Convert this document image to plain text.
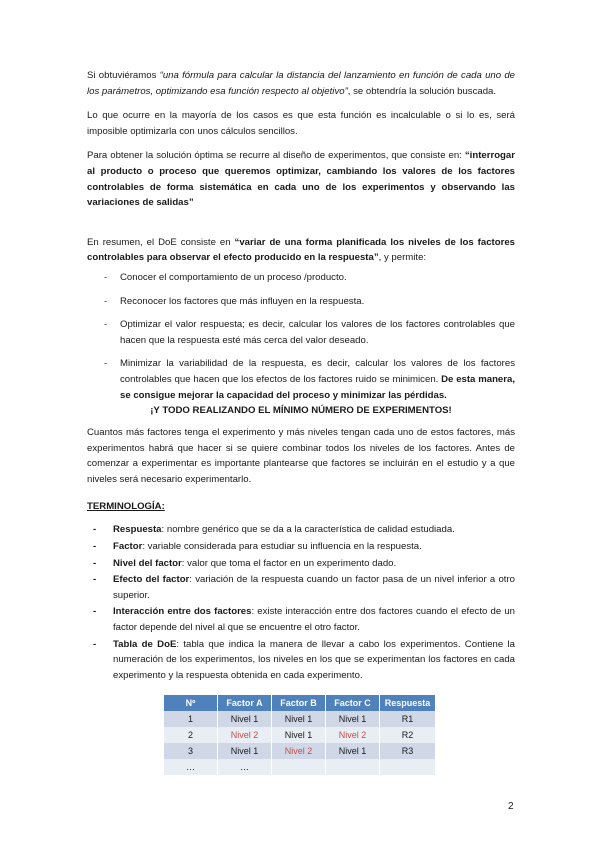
Si obtuviéramos “una fórmula para calcular la distancia del lanzamiento en función de cada uno de los parámetros, optimizando esa función respecto al objetivo”, se obtendría la solución buscada.

Lo que ocurre en la mayoría de los casos es que esta función es incalculable o si lo es, será imposible optimizarla con unos cálculos sencillos.

Para obtener la solución óptima se recurre al diseño de experimentos, que consiste en: “interrogar al producto o proceso que queremos optimizar, cambiando los valores de los factores controlables de forma sistemática en cada uno de los experimentos y observando las variaciones de salidas”

En resumen, el DoE consiste en “variar de una forma planificada los niveles de los factores controlables para observar el efecto producido en la respuesta”, y permite:

- Conocer el comportamiento de un proceso /producto.
- Reconocer los factores que más influyen en la respuesta.
- Optimizar el valor respuesta; es decir, calcular los valores de los factores controlables que hacen que la respuesta esté más cerca del valor deseado.
- Minimizar la variabilidad de la respuesta, es decir, calcular los valores de los factores controlables que hacen que los efectos de los factores ruido se minimicen. De esta manera, se consigue mejorar la capacidad del proceso y minimizar las pérdidas.
¡Y TODO REALIZANDO EL MÍNIMO NÚMERO DE EXPERIMENTOS!

Cuantos más factores tenga el experimento y más niveles tengan cada uno de estos factores, más experimentos habrá que hacer si se quiere combinar todos los niveles de los factores. Antes de comenzar a experimentar es importante plantearse que factores se incluirán en el estudio y a que niveles será necesario experimentarlo.

TERMINOLOGÍA:
- Respuesta: nombre genérico que se da a la característica de calidad estudiada.
- Factor: variable considerada para estudiar su influencia en la respuesta.
- Nivel del factor: valor que toma el factor en un experimento dado.
- Efecto del factor: variación de la respuesta cuando un factor pasa de un nivel inferior a otro superior.
- Interacción entre dos factores: existe interacción entre dos factores cuando el efecto de un factor depende del nivel al que se encuentre el otro factor.
- Tabla de DoE: tabla que indica la manera de llevar a cabo los experimentos. Contiene la numeración de los experimentos, los niveles en los que se experimentan los factores en cada experimento y la respuesta obtenida en cada experimento.
Nº	Factor A	Factor B	Factor C	Respuesta
1	Nivel 1	Nivel 1	Nivel 1	R1
2	Nivel 2	Nivel 1	Nivel 2	R2
3	Nivel 1	Nivel 2	Nivel 1	R3
…	…			
2
